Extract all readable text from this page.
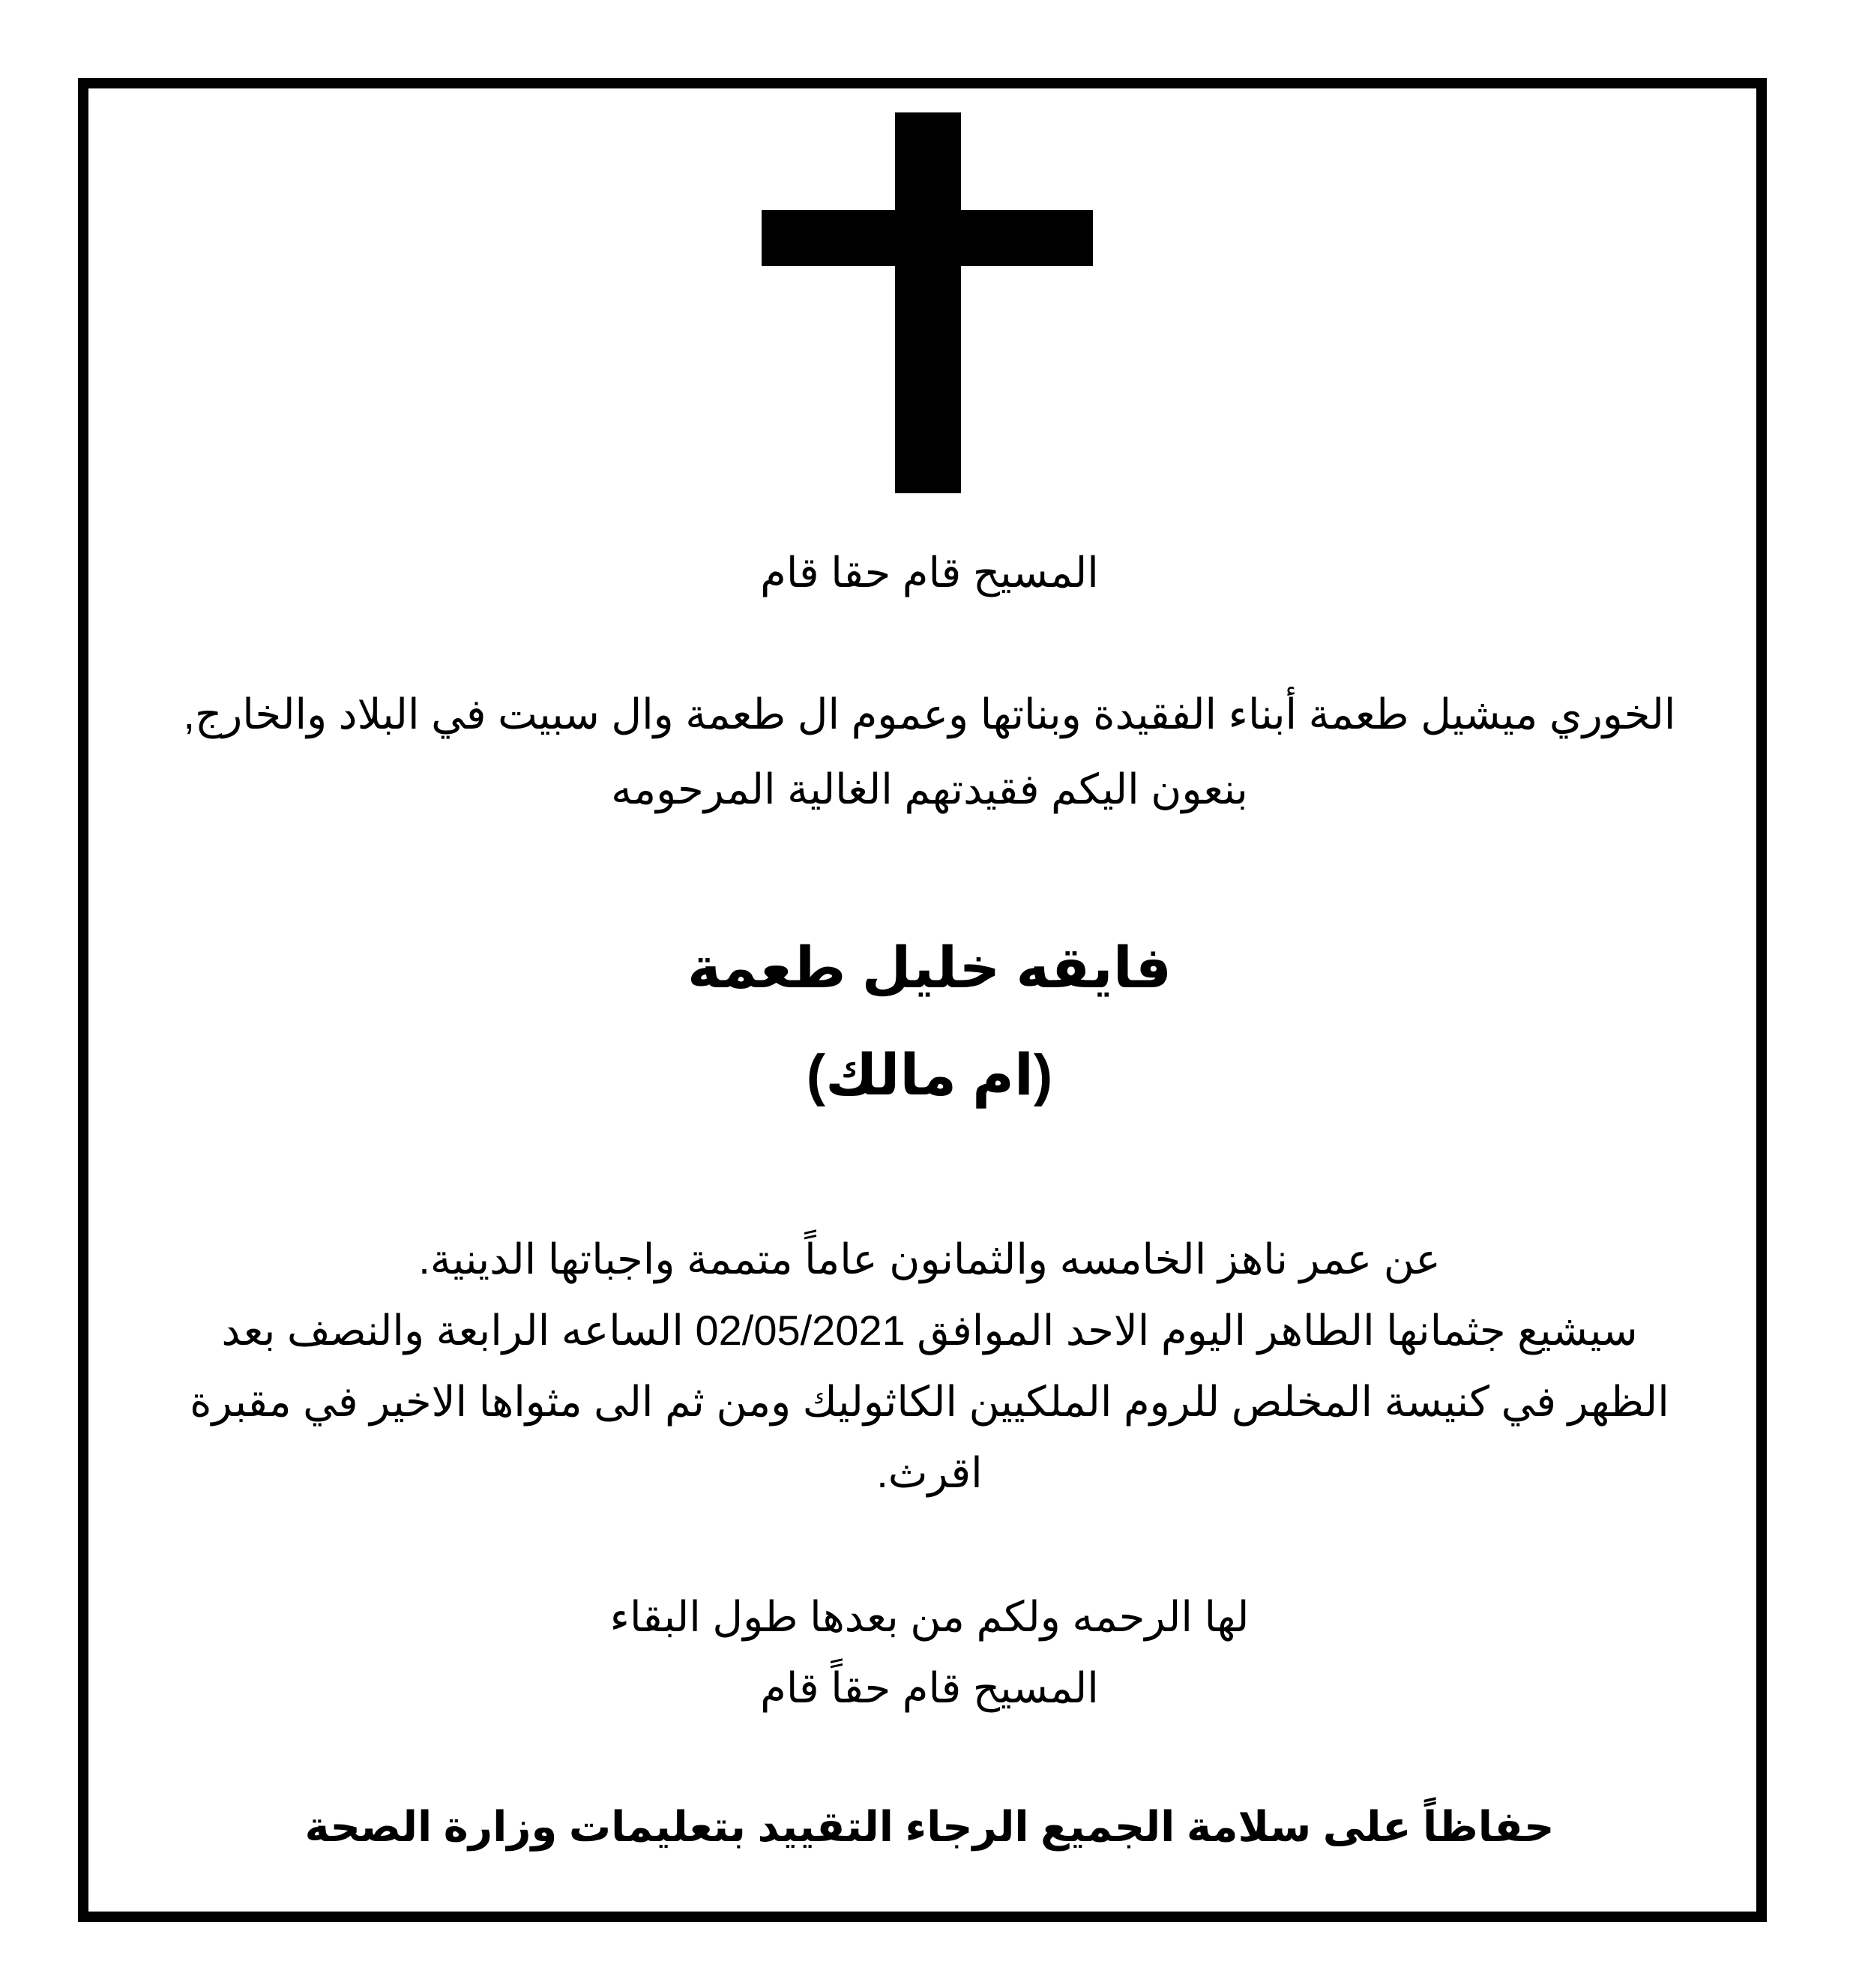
المسيح قام حقا قام
الخوري ميشيل طعمة أبناء الفقيدة وبناتها وعموم ال طعمة وال سبيت في البلاد والخارج,
بنعون اليكم فقيدتهم الغالية المرحومه
فايقه خليل طعمة
(ام مالك)
عن عمر ناهز الخامسه والثمانون عاماً متممة واجباتها الدينية.
سيشيع جثمانها الطاهر اليوم الاحد الموافق 02/05/2021 الساعه الرابعة والنصف بعد
الظهر في كنيسة المخلص للروم الملكيين الكاثوليك ومن ثم الى مثواها الاخير في مقبرة
اقرث.
لها الرحمه ولكم من بعدها طول البقاء
المسيح قام حقاً قام
حفاظاً على سلامة الجميع الرجاء التقييد بتعليمات وزارة الصحة
